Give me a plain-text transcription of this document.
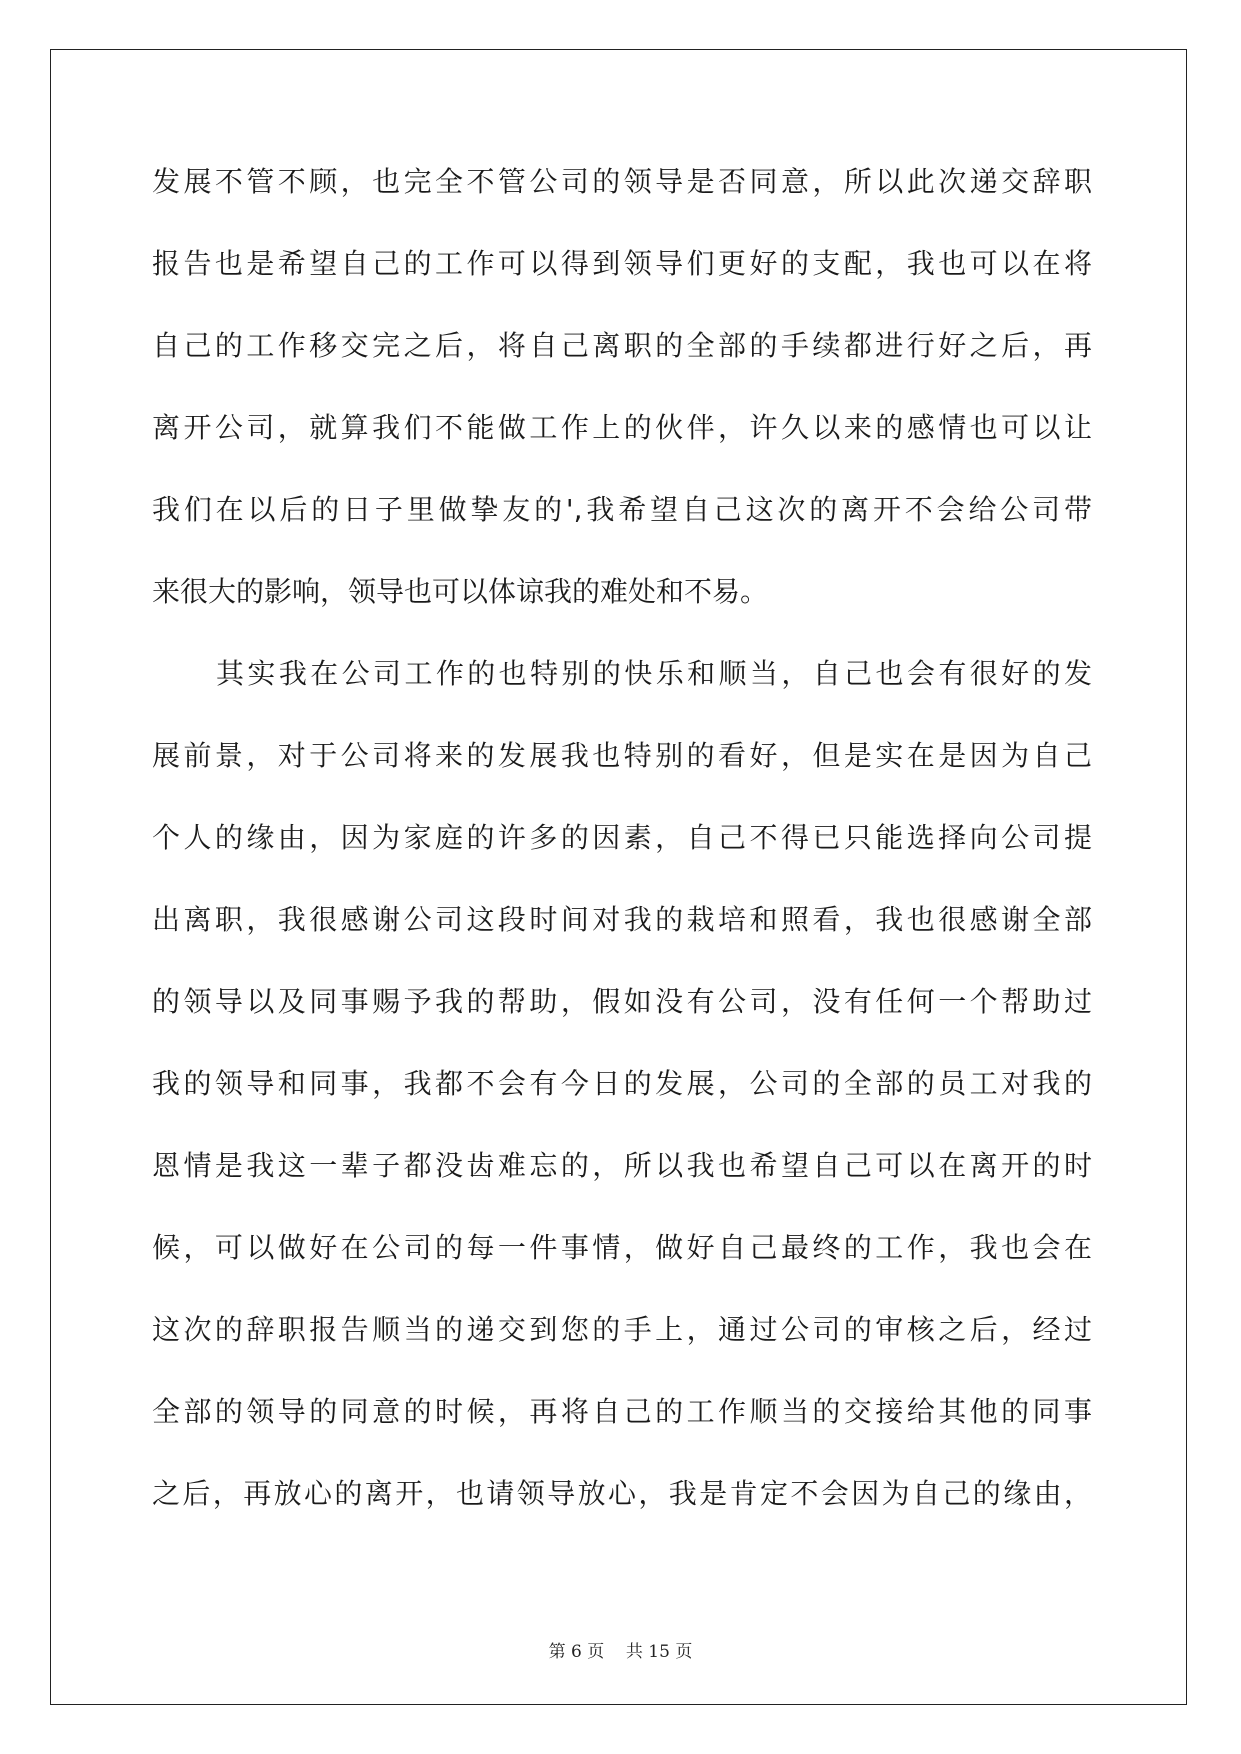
发展不管不顾，也完全不管公司的领导是否同意，所以此次递交辞职
报告也是希望自己的工作可以得到领导们更好的支配，我也可以在将
自己的工作移交完之后，将自己离职的全部的手续都进行好之后，再
离开公司，就算我们不能做工作上的伙伴，许久以来的感情也可以让
我们在以后的日子里做挚友的',我希望自己这次的离开不会给公司带
来很大的影响，领导也可以体谅我的难处和不易。
其实我在公司工作的也特别的快乐和顺当，自己也会有很好的发
展前景，对于公司将来的发展我也特别的看好，但是实在是因为自己
个人的缘由，因为家庭的许多的因素，自己不得已只能选择向公司提
出离职，我很感谢公司这段时间对我的栽培和照看，我也很感谢全部
的领导以及同事赐予我的帮助，假如没有公司，没有任何一个帮助过
我的领导和同事，我都不会有今日的发展，公司的全部的员工对我的
恩情是我这一辈子都没齿难忘的，所以我也希望自己可以在离开的时
候，可以做好在公司的每一件事情，做好自己最终的工作，我也会在
这次的辞职报告顺当的递交到您的手上，通过公司的审核之后，经过
全部的领导的同意的时候，再将自己的工作顺当的交接给其他的同事
之后，再放心的离开，也请领导放心，我是肯定不会因为自己的缘由，
第 6 页    共 15 页
